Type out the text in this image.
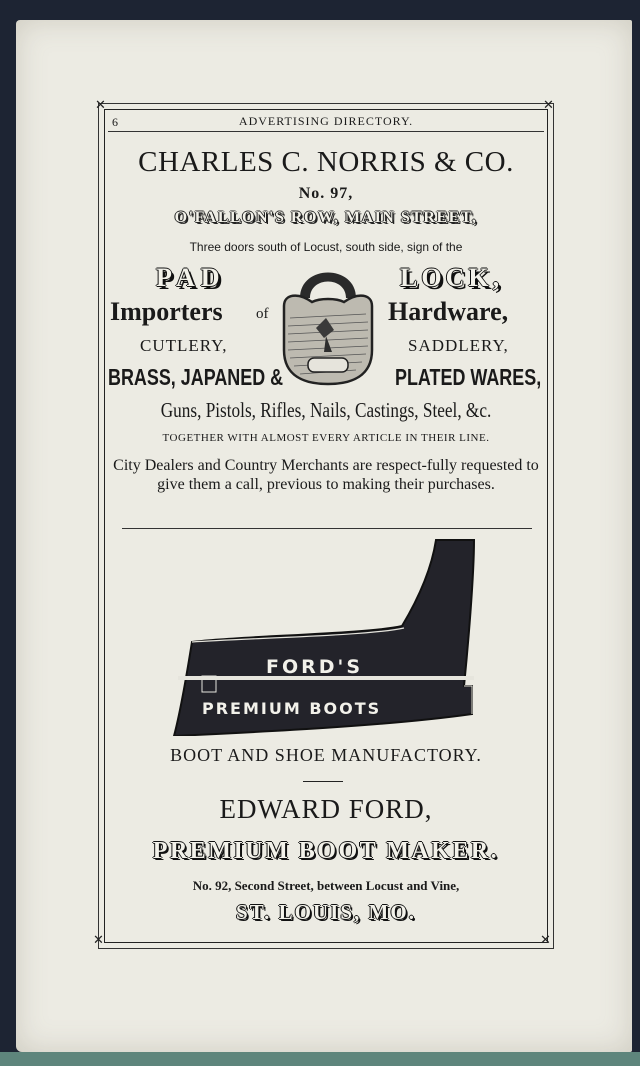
✕	✕
✕	✕
6	ADVERTISING DIRECTORY.
CHARLES C. NORRIS & CO.
No. 97,
O'FALLON'S ROW, MAIN STREET,
Three doors south of Locust, south side, sign of the
PAD	LOCK,
Importers of	Hardware,
CUTLERY,	SADDLERY,
BRASS, JAPANED &	PLATED WARES,
Guns, Pistols, Rifles, Nails, Castings, Steel, &c.
TOGETHER WITH ALMOST EVERY ARTICLE IN THEIR LINE.
City Dealers and Country Merchants are respect-fully requested to give them a call, previous to making their purchases.
FORD'S
PREMIUM BOOTS
BOOT AND SHOE MANUFACTORY.
EDWARD FORD,
PREMIUM BOOT MAKER.
No. 92, Second Street, between Locust and Vine,
ST. LOUIS, MO.
